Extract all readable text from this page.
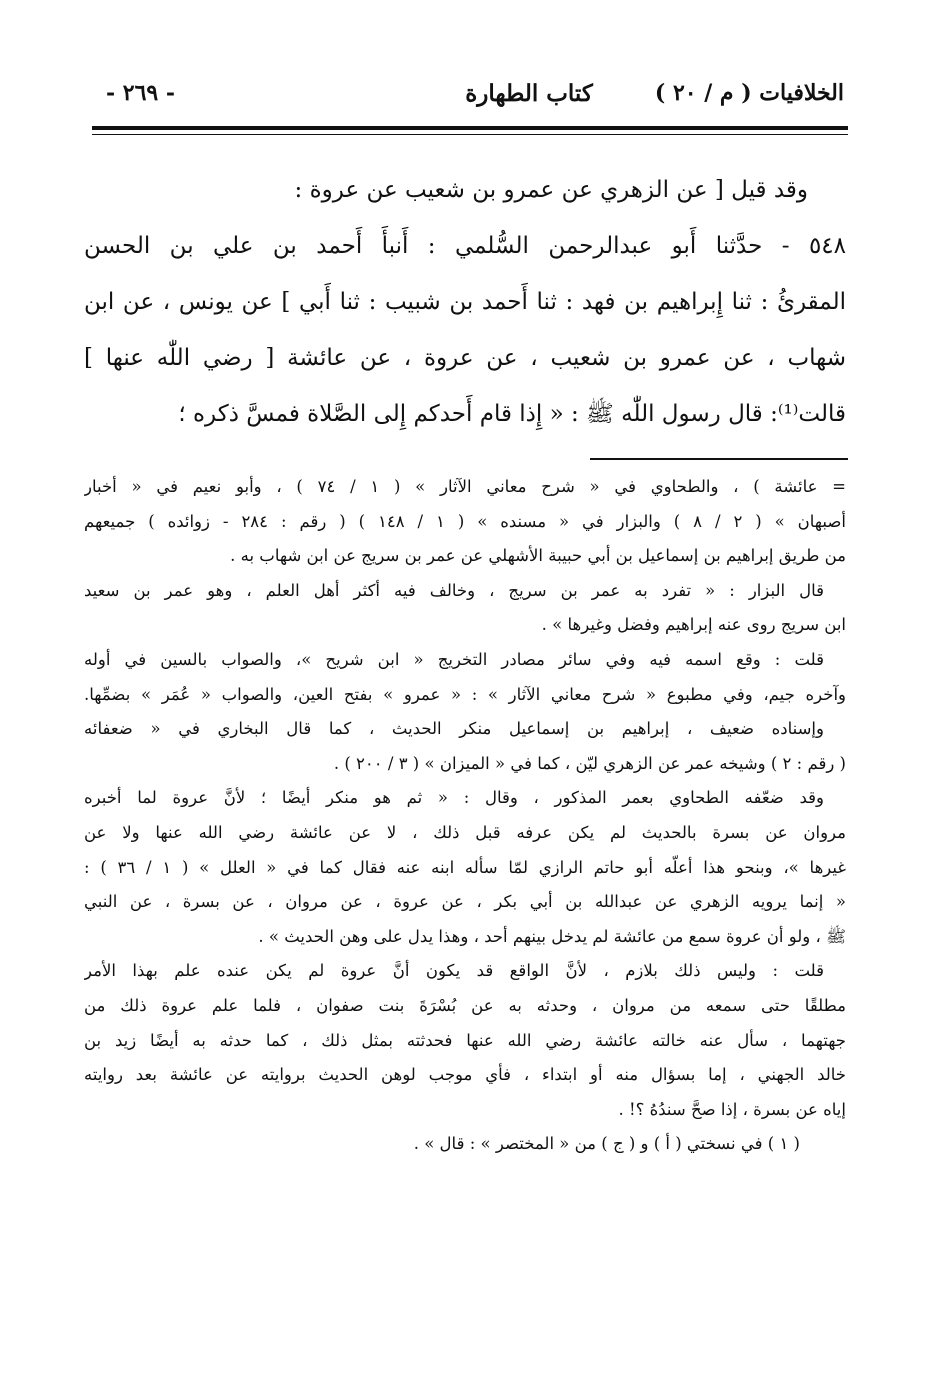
الخلافيات ( م / ٢٠ )
كتاب الطهارة
- ٢٦٩ -
وقد قيل [ عن الزهري عن عمرو بن شعيب عن عروة :
٥٤٨ - حدَّثنا أَبو عبدالرحمن السُّلمي : أَنبأَ أَحمد بن علي بن الحسن
المقرئُ : ثنا إِبراهيم بن فهد : ثنا أَحمد بن شبيب : ثنا أَبي ] عن يونس ، عن ابن
شهاب ، عن عمرو بن شعيب ، عن عروة ، عن عائشة [ رضي اللّٰه عنها ]
قالت⁽¹⁾: قال رسول اللّٰه ﷺ : « إِذا قام أَحدكم إِلى الصَّلاة فمسَّ ذكره ؛
= عائشة ) ، والطحاوي في « شرح معاني الآثار » ( ١ / ٧٤ ) ، وأبو نعيم في « أخبار
أصبهان » ( ٢ / ٨ ) والبزار في « مسنده » ( ١ / ١٤٨ ) ( رقم : ٢٨٤ - زوائده ) جميعهم
من طريق إبراهيم بن إسماعيل بن أبي حبيبة الأشهلي عن عمر بن سريج عن ابن شهاب به .
قال البزار : « تفرد به عمر بن سريج ، وخالف فيه أكثر أهل العلم ، وهو عمر بن سعيد
ابن سريج روى عنه إبراهيم وفضل وغيرها » .
قلت : وقع اسمه فيه وفي سائر مصادر التخريج « ابن شريح »، والصواب بالسين في أوله
وآخره جيم، وفي مطبوع « شرح معاني الآثار » : « عمرو » بفتح العين، والصواب « عُمَر » بضمِّها.
وإسناده ضعيف ، إبراهيم بن إسماعيل منكر الحديث ، كما قال البخاري في « ضعفائه
( رقم : ٢ ) وشيخه عمر عن الزهري ليّن ، كما في « الميزان » ( ٣ / ٢٠٠ ) .
وقد ضعّفه الطحاوي بعمر المذكور ، وقال : « ثم هو منكر أيضًا ؛ لأنَّ عروة لما أخبره
مروان عن بسرة بالحديث لم يكن عرفه قبل ذلك ، لا عن عائشة رضي الله عنها ولا عن
غيرها »، وبنحو هذا أعلّه أبو حاتم الرازي لمّا سأله ابنه عنه فقال كما في « العلل » ( ١ / ٣٦ ) :
« إنما يرويه الزهري عن عبدالله بن أبي بكر ، عن عروة ، عن مروان ، عن بسرة ، عن النبي
ﷺ ، ولو أن عروة سمع من عائشة لم يدخل بينهم أحد ، وهذا يدل على وهن الحديث » .
قلت : وليس ذلك بلازم ، لأنَّ الواقع قد يكون أنَّ عروة لم يكن عنده علم بهذا الأمر
مطلقًا حتى سمعه من مروان ، وحدثه به عن بُسْرَةَ بنت صفوان ، فلما علم عروة ذلك من
جهتهما ، سأل عنه خالته عائشة رضي الله عنها فحدثته بمثل ذلك ، كما حدثه به أيضًا زيد بن
خالد الجهني ، إما بسؤال منه أو ابتداء ، فأي موجب لوهن الحديث بروايته عن عائشة بعد روايته
إياه عن بسرة ، إذا صحَّ سندُهُ ؟! .
( ١ ) في نسختي ( أ ) و ( ج ) من « المختصر » : قال » .
